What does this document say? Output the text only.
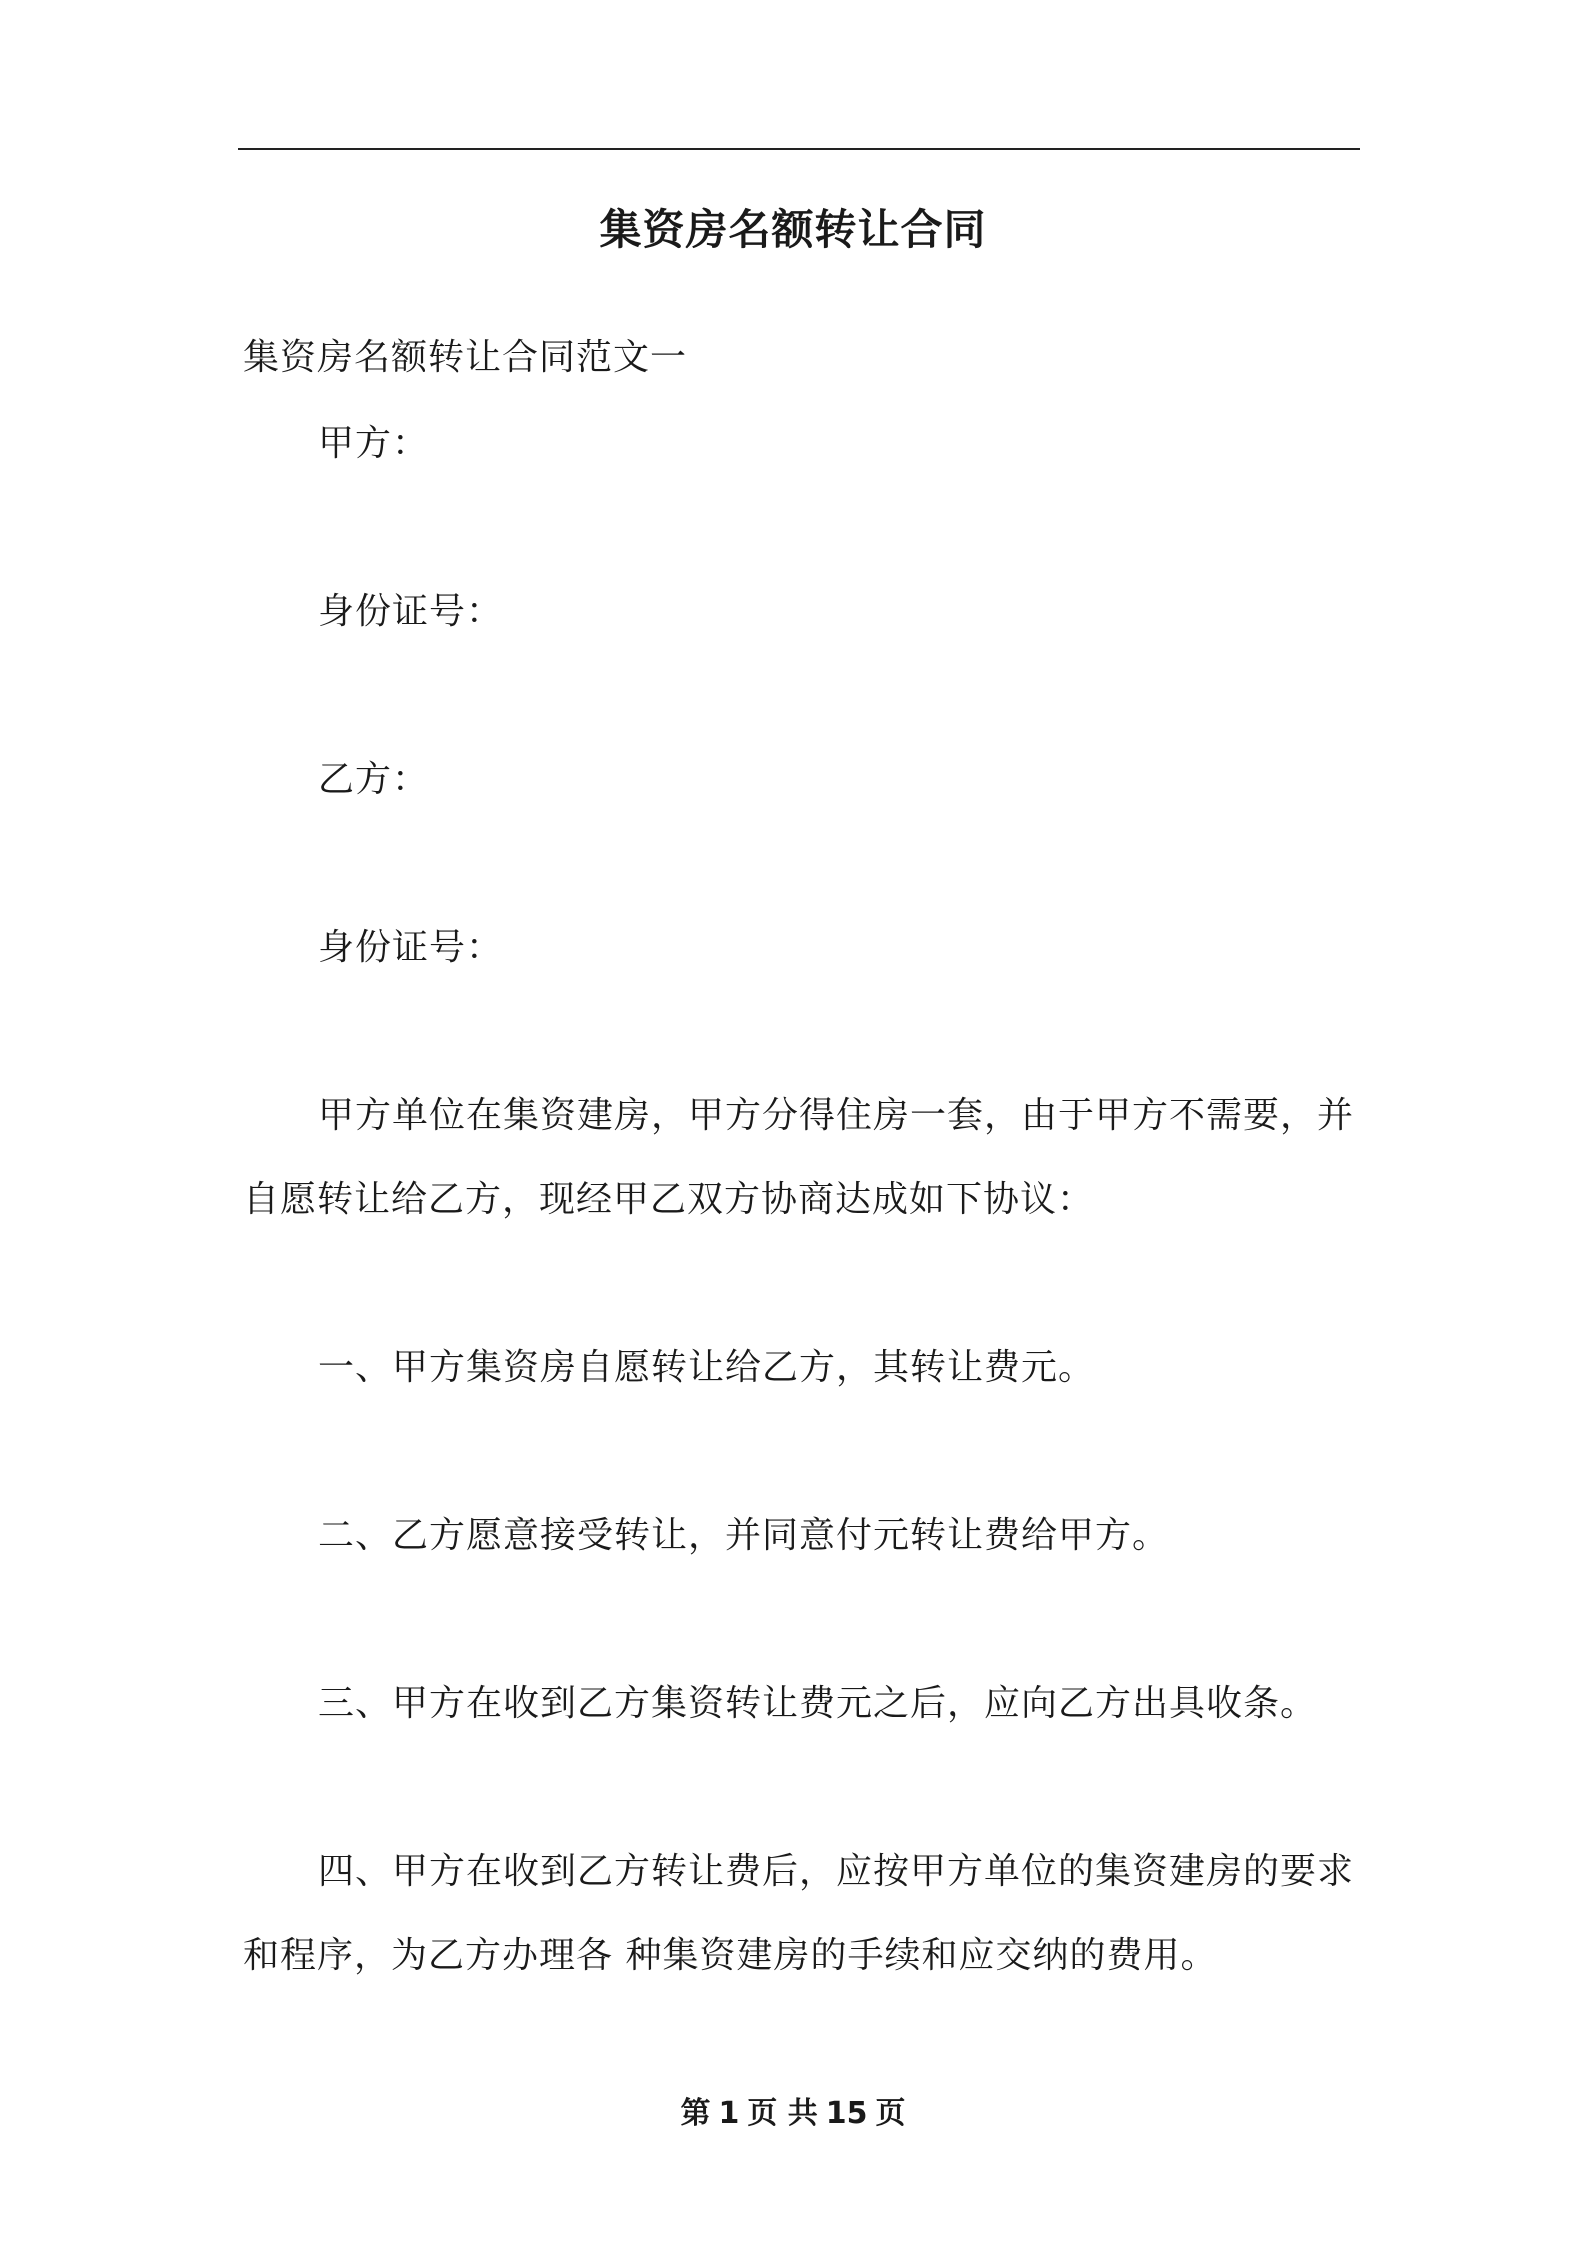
集资房名额转让合同
集资房名额转让合同范文一
甲方：
身份证号：
乙方：
身份证号：
甲方单位在集资建房，甲方分得住房一套，由于甲方不需要，并
自愿转让给乙方，现经甲乙双方协商达成如下协议：
一、甲方集资房自愿转让给乙方，其转让费元。
二、乙方愿意接受转让，并同意付元转让费给甲方。
三、甲方在收到乙方集资转让费元之后，应向乙方出具收条。
四、甲方在收到乙方转让费后，应按甲方单位的集资建房的要求
和程序，为乙方办理各 种集资建房的手续和应交纳的费用。
第 1 页 共 15 页
